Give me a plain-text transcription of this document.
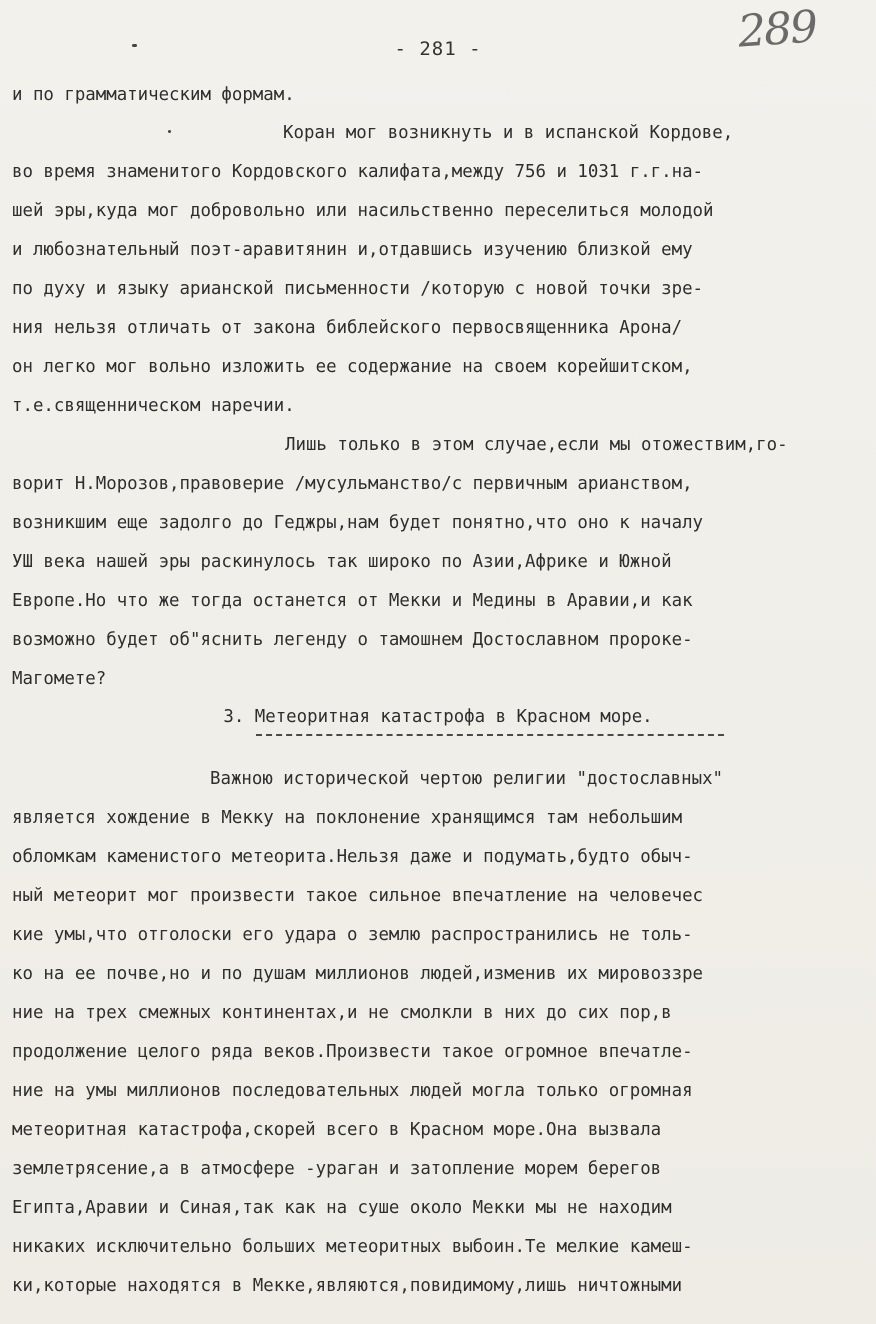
- 281 -	289
и по грамматическим формам.
Коран мог возникнуть и в испанской Кордове,
во время знаменитого Кордовского калифата,между 756 и 1031 г.г.на-
шей эры,куда мог добровольно или насильственно переселиться молодой
и любознательный поэт-аравитянин и,отдавшись изучению близкой ему
по духу и языку арианской письменности /которую с новой точки зре-
ния нельзя отличать от закона библейского первосвященника Арона/
он легко мог вольно изложить ее содержание на своем корейшитском,
т.е.священническом наречии.
Лишь только в этом случае,если мы отожествим,го-
ворит Н.Морозов,правоверие /мусульманство/с первичным арианством,
возникшим еще задолго до Геджры,нам будет понятно,что оно к началу
УШ века нашей эры раскинулось так широко по Азии,Африке и Южной
Европе.Но что же тогда останется от Мекки и Медины в Аравии,и как
возможно будет об"яснить легенду о тамошнем Достославном пророке-
Магомете?
3. Метеоритная катастрофа в Красном море.
Важною исторической чертою религии "достославных"
является хождение в Мекку на поклонение хранящимся там небольшим
обломкам каменистого метеорита.Нельзя даже и подумать,будто обыч-
ный метеорит мог произвести такое сильное впечатление на человечес
кие умы,что отголоски его удара о землю распространились не толь-
ко на ее почве,но и по душам миллионов людей,изменив их мировоззре
ние на трех смежных континентах,и не смолкли в них до сих пор,в
продолжение целого ряда веков.Произвести такое огромное впечатле-
ние на умы миллионов последовательных людей могла только огромная
метеоритная катастрофа,скорей всего в Красном море.Она вызвала
землетрясение,а в атмосфере -ураган и затопление морем берегов
Египта,Аравии и Синая,так как на суше около Мекки мы не находим
никаких исключительно больших метеоритных выбоин.Те мелкие камеш-
ки,которые находятся в Мекке,являются,повидимому,лишь ничтожными
